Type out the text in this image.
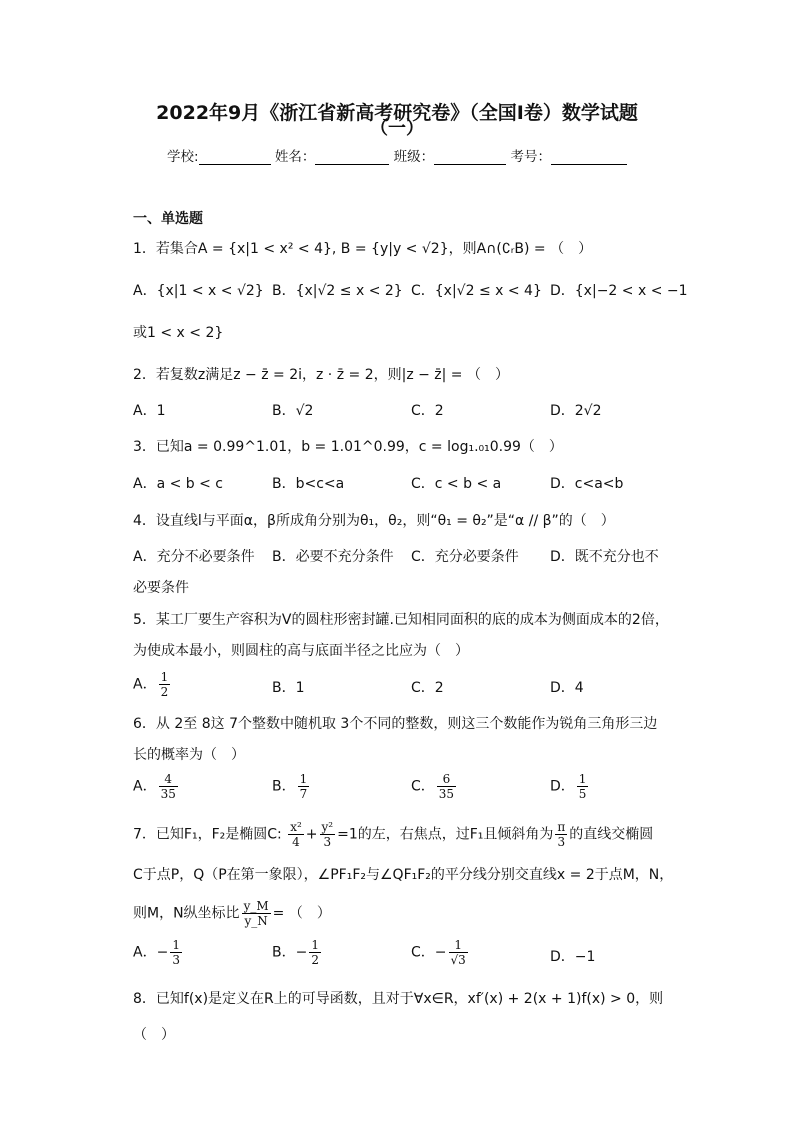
2022年9月《浙江省新高考研究卷》（全国Ⅰ卷）数学试题
（一）
学校:	姓名：	班级：	考号：
一、单选题
1．若集合A = {x|1 < x² < 4}, B = {y|y < √2}，则A∩(∁ᵣB) = （　）
A．{x|1 < x < √2} B．{x|√2 ≤ x < 2} C．{x|√2 ≤ x < 4} D．{x|−2 < x < −1
或1 < x < 2}
2．若复数z满足z − z̄ = 2i，z · z̄ = 2，则|z − z̄| = （　）
A．1	B．√2	C．2	D．2√2
3．已知a = 0.99^1.01，b = 1.01^0.99，c = log₁.₀₁0.99（　）
A．a < b < c	B．b<c<a	C．c < b < a	D．c<a<b
4．设直线l与平面α，β所成角分别为θ₁，θ₂，则“θ₁ = θ₂”是“α // β”的（　）
A．充分不必要条件 B．必要不充分条件 C．充分必要条件 D．既不充分也不
必要条件
5．某工厂要生产容积为V的圆柱形密封罐.已知相同面积的底的成本为侧面成本的2倍，
为使成本最小，则圆柱的高与底面半径之比应为（　）
A． $\frac{1}{2}$	B．1	C．2	D．4
6．从 2至 8这 7个整数中随机取 3个不同的整数，则这三个数能作为锐角三角形三边
长的概率为（　）
A． $\frac{4}{35}$	B． $\frac{1}{7}$	C． $\frac{6}{35}$	D． $\frac{1}{5}$
7．已知F₁，F₂是椭圆C: $\frac{\text{x²}}{4} + \frac{\text{y²}}{3} =1$的左，右焦点，过F₁且倾斜角为 $\frac{\pi}{3}$ 的直线交椭圆
C于点P，Q（P在第一象限），∠PF₁F₂与∠QF₁F₂的平分线分别交直线x = 2于点M，N，
则M，N纵坐标比 $\frac{y\_M}{y\_N}$ = （　）
A．− $\frac{1}{3}$	B．− $\frac{1}{2}$	C．− $\frac{1}{√3}$	D．−1
8．已知f(x)是定义在R上的可导函数，且对于∀x∈R，xf′(x) + 2(x + 1)f(x) > 0，则
（　）
